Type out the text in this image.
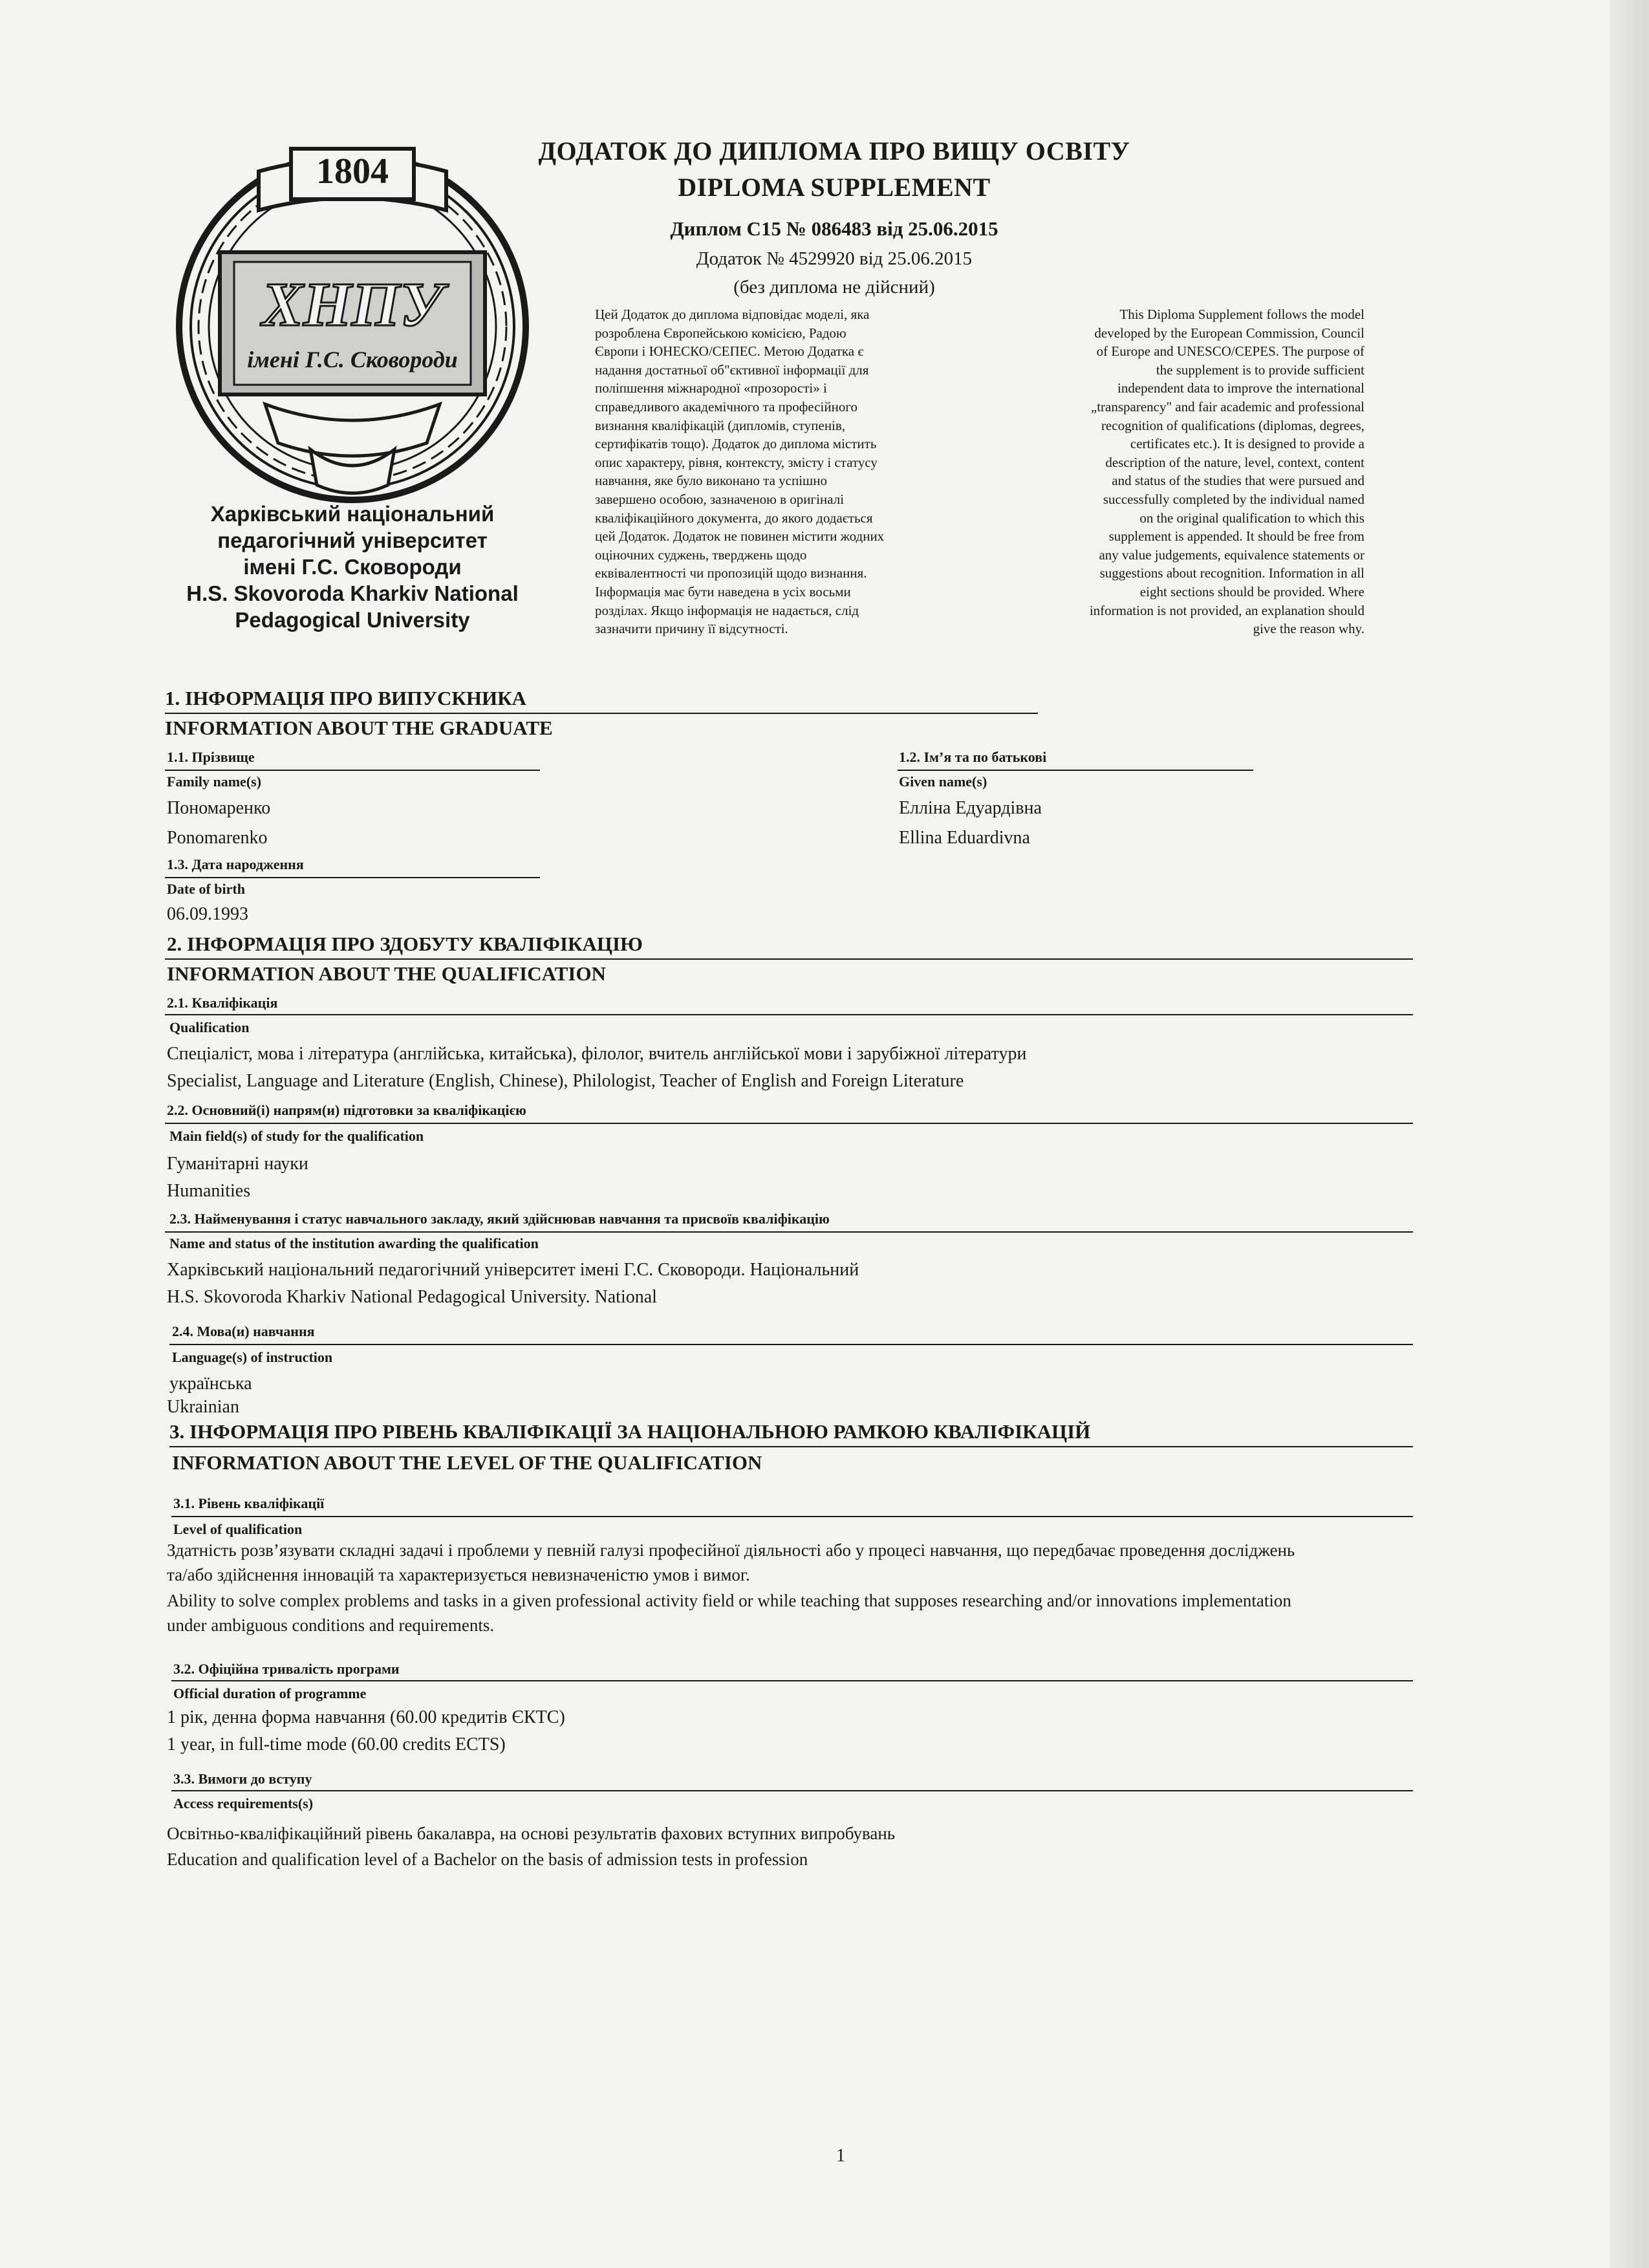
1804
ХНПУ
імені Г.С. Сковороди
Харківський національний
педагогічний університет
імені Г.С. Сковороди
H.S. Skovoroda Kharkiv National
Pedagogical University
ДОДАТОК ДО ДИПЛОМА ПРО ВИЩУ ОСВІТУ
DIPLOMA SUPPLEMENT
Диплом С15 № 086483 від 25.06.2015
Додаток № 4529920 від 25.06.2015
(без диплома не дійсний)
Цей Додаток до диплома відповідає моделі, яка
розроблена Європейською комісією, Радою
Європи і ЮНЕСКО/СЕПЕС. Метою Додатка є
надання достатньої об"єктивної інформації для
поліпшення міжнародної «прозорості» і
справедливого академічного та професійного
визнання кваліфікацій (дипломів, ступенів,
сертифікатів тощо). Додаток до диплома містить
опис характеру, рівня, контексту, змісту і статусу
навчання, яке було виконано та успішно
завершено особою, зазначеною в оригіналі
кваліфікаційного документа, до якого додається
цей Додаток. Додаток не повинен містити жодних
оціночних суджень, тверджень щодо
еквівалентності чи пропозицій щодо визнання.
Інформація має бути наведена в усіх восьми
розділах. Якщо інформація не надається, слід
зазначити причину її відсутності.
This Diploma Supplement follows the model
developed by the European Commission, Council
of Europe and UNESCO/CEPES. The purpose of
the supplement is to provide sufficient
independent data to improve the international
„transparency" and fair academic and professional
recognition of qualifications (diplomas, degrees,
certificates etc.). It is designed to provide a
description of the nature, level, context, content
and status of the studies that were pursued and
successfully completed by the individual named
on the original qualification to which this
supplement is appended. It should be free from
any value judgements, equivalence statements or
suggestions about recognition. Information in all
eight sections should be provided. Where
information is not provided, an explanation should
give the reason why.
1. ІНФОРМАЦІЯ ПРО ВИПУСКНИКА
INFORMATION ABOUT THE GRADUATE
1.1. Прізвище
Family name(s)
Пономаренко
Ponomarenko
1.2. Ім’я та по батькові
Given name(s)
Елліна Едуардівна
Ellina Eduardivna
1.3. Дата народження
Date of birth
06.09.1993
2. ІНФОРМАЦІЯ ПРО ЗДОБУТУ КВАЛІФІКАЦІЮ
INFORMATION ABOUT THE QUALIFICATION
2.1. Кваліфікація
Qualification
Спеціаліст, мова і література (англійська, китайська), філолог, вчитель англійської мови і зарубіжної літератури
Specialist, Language and Literature (English, Chinese), Philologist, Teacher of English and Foreign Literature
2.2. Основний(і) напрям(и) підготовки за кваліфікацією
Main field(s) of study for the qualification
Гуманітарні науки
Humanities
2.3. Найменування і статус навчального закладу, який здійснював навчання та присвоїв кваліфікацію
Name and status of the institution awarding the qualification
Харківський національний педагогічний університет імені Г.С. Сковороди. Національний
H.S. Skovoroda Kharkiv National Pedagogical University. National
2.4. Мова(и) навчання
Language(s) of instruction
українська
Ukrainian
3. ІНФОРМАЦІЯ ПРО РІВЕНЬ КВАЛІФІКАЦІЇ ЗА НАЦІОНАЛЬНОЮ РАМКОЮ КВАЛІФІКАЦІЙ
INFORMATION ABOUT THE LEVEL OF THE QUALIFICATION
3.1. Рівень кваліфікації
Level of qualification
Здатність розв’язувати складні задачі і проблеми у певній галузі професійної діяльності або у процесі навчання, що передбачає проведення досліджень
та/або здійснення інновацій та характеризується невизначеністю умов і вимог.
Ability to solve complex problems and tasks in a given professional activity field or while teaching that supposes researching and/or innovations implementation
under ambiguous conditions and requirements.
3.2. Офіційна тривалість програми
Official duration of programme
1 рік, денна форма навчання (60.00 кредитів ЄКТС)
1 year, in full-time mode (60.00 credits ECTS)
3.3. Вимоги до вступу
Access requirements(s)
Освітньо-кваліфікаційний рівень бакалавра, на основі результатів фахових вступних випробувань
Education and qualification level of a Bachelor on the basis of admission tests in profession
1
